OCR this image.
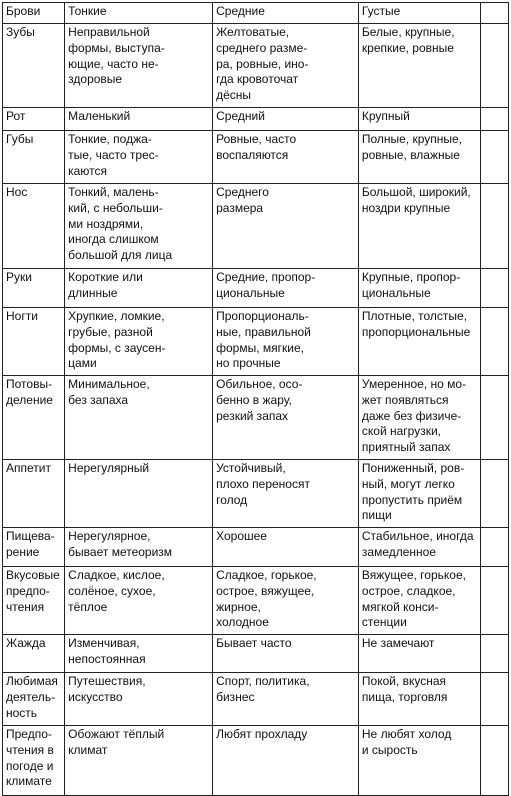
Брови	Тонкие	Средние	Густые	

Зубы	Неправильной
формы, выступа-
ющие, часто не-
здоровые	Желтоватые,
среднего разме-
ра, ровные, ино-
гда кровоточат
дёсны	Белые, крупные,
крепкие, ровные	

Рот	Маленький	Средний	Крупный	

Губы	Тонкие, поджа-
тые, часто трес-
каются	Ровные, часто
воспаляются	Полные, крупные,
ровные, влажные	

Нос	Тонкий, малень-
кий, с небольши-
ми ноздрями,
иногда слишком
большой для лица	Среднего
размера	Большой, широкий,
ноздри крупные	

Руки	Короткие или
длинные	Средние, пропор-
циональные	Крупные, пропор-
циональные	

Ногти	Хрупкие, ломкие,
грубые, разной
формы, с заусен-
цами	Пропорциональ-
ные, правильной
формы, мягкие,
но прочные	Плотные, толстые,
пропорциональные	

Потовы-
деление	Минимальное,
без запаха	Обильное, осо-
бенно в жару,
резкий запах	Умеренное, но мо-
жет появляться
даже без физиче-
ской нагрузки,
приятный запах	

Аппетит	Нерегулярный	Устойчивый,
плохо переносят
голод	Пониженный, ров-
ный, могут легко
пропустить приём
пищи	

Пищева-
рение	Нерегулярное,
бывает метеоризм	Хорошее	Стабильное, иногда
замедленное	

Вкусовые
предпо-
чтения	Сладкое, кислое,
солёное, сухое,
тёплое	Сладкое, горькое,
острое, вяжущее,
жирное,
холодное	Вяжущее, горькое,
острое, сладкое,
мягкой конси-
стенции	

Жажда	Изменчивая,
непостоянная	Бывает часто	Не замечают	

Любимая
деятель-
ность	Путешествия,
искусство	Спорт, политика,
бизнес	Покой, вкусная
пища, торговля	

Предпо-
чтения в
погоде и
климате	Обожают тёплый
климат	Любят прохладу	Не любят холод
и сырость	
